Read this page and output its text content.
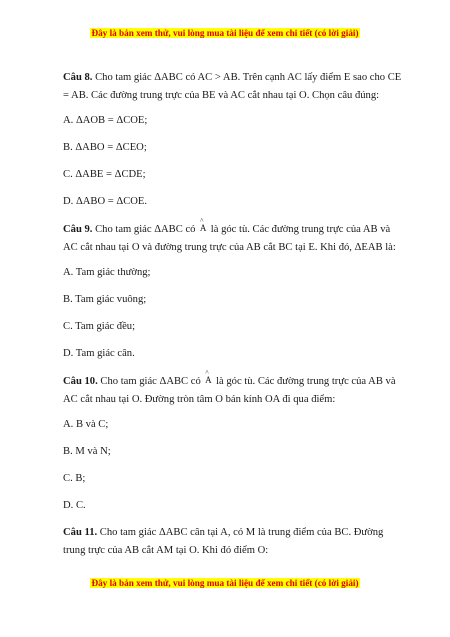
Đây là bản xem thử, vui lòng mua tài liệu để xem chi tiết (có lời giải)

Câu 8. Cho tam giác ΔABC có AC > AB. Trên cạnh AC lấy điểm E sao cho CE = AB. Các đường trung trực của BE và AC cắt nhau tại O. Chọn câu đúng:

A. ΔAOB = ΔCOE;

B. ΔABO = ΔCEO;

C. ΔABE = ΔCDE;

D. ΔABO = ΔCOE.

Câu 9. Cho tam giác ΔABC có ^ A là góc tù. Các đường trung trực của AB và AC cắt nhau tại O và đường trung trực của AB cắt BC tại E. Khi đó, ΔEAB là:

A. Tam giác thường;

B. Tam giác vuông;

C. Tam giác đều;

D. Tam giác cân.

Câu 10. Cho tam giác ΔABC có ^ A là góc tù. Các đường trung trực của AB và AC cắt nhau tại O. Đường tròn tâm O bán kính OA đi qua điểm:

A. B và C;

B. M và N;

C. B;

D. C.

Câu 11. Cho tam giác ΔABC cân tại A, có M là trung điểm của BC. Đường trung trực của AB cắt AM tại O. Khi đó điểm O:

Đây là bản xem thử, vui lòng mua tài liệu để xem chi tiết (có lời giải)
